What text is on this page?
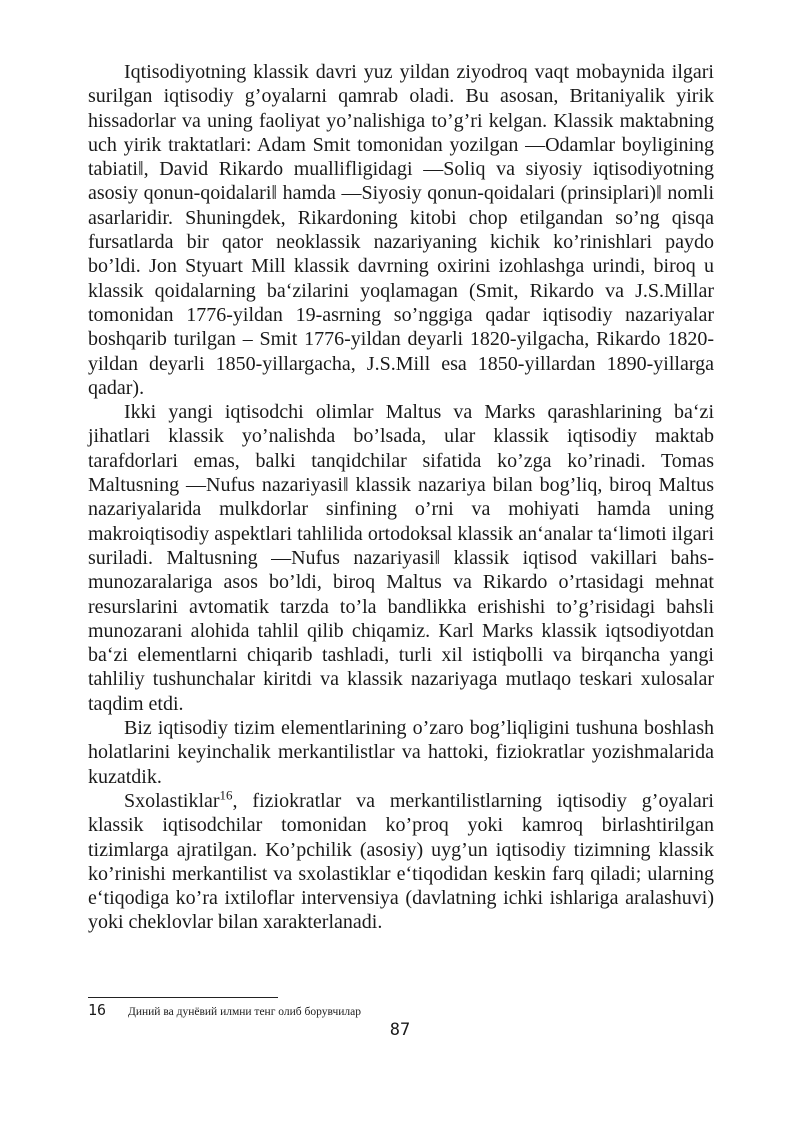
Iqtisodiyotning klassik davri yuz yildan ziyodroq vaqt mobaynida ilgari surilgan iqtisodiy g’oyalarni qamrab oladi. Bu asosan, Britaniyalik yirik hissadorlar va uning faoliyat yo’nalishiga to’g’ri kelgan. Klassik maktabning uch yirik traktatlari: Adam Smit tomonidan yozilgan ―Odamlar boyligining tabiati‖, David Rikardo muallifligidagi ―Soliq va siyosiy iqtisodiyotning asosiy qonun-qoidalari‖ hamda ―Siyosiy qonun-qoidalari (prinsiplari)‖ nomli asarlaridir. Shuningdek, Rikardoning kitobi chop etilgandan so’ng qisqa fursatlarda bir qator neoklassik nazariyaning kichik ko’rinishlari paydo bo’ldi. Jon Styuart Mill klassik davrning oxirini izohlashga urindi, biroq u klassik qoidalarning ba‘zilarini yoqlamagan (Smit, Rikardo va J.S.Millar tomonidan 1776-yildan 19-asrning so’nggiga qadar iqtisodiy nazariyalar boshqarib turilgan – Smit 1776-yildan deyarli 1820-yilgacha, Rikardo 1820-yildan deyarli 1850-yillargacha, J.S.Mill esa 1850-yillardan 1890-yillarga qadar).

Ikki yangi iqtisodchi olimlar Maltus va Marks qarashlarining ba‘zi jihatlari klassik yo’nalishda bo’lsada, ular klassik iqtisodiy maktab tarafdorlari emas, balki tanqidchilar sifatida ko’zga ko’rinadi. Tomas Maltusning ―Nufus nazariyasi‖ klassik nazariya bilan bog’liq, biroq Maltus nazariyalarida mulkdorlar sinfining o’rni va mohiyati hamda uning makroiqtisodiy aspektlari tahlilida ortodoksal klassik an‘analar ta‘limoti ilgari suriladi. Maltusning ―Nufus nazariyasi‖ klassik iqtisod vakillari bahs-munozaralariga asos bo’ldi, biroq Maltus va Rikardo o’rtasidagi mehnat resurslarini avtomatik tarzda to’la bandlikka erishishi to’g’risidagi bahsli munozarani alohida tahlil qilib chiqamiz. Karl Marks klassik iqtsodiyotdan ba‘zi elementlarni chiqarib tashladi, turli xil istiqbolli va birqancha yangi tahliliy tushunchalar kiritdi va klassik nazariyaga mutlaqo teskari xulosalar taqdim etdi.

Biz iqtisodiy tizim elementlarining o’zaro bog’liqligini tushuna boshlash holatlarini keyinchalik merkantilistlar va hattoki, fiziokratlar yozishmalarida kuzatdik.

Sxolastiklar$^{16}$, fiziokratlar va merkantilistlarning iqtisodiy g’oyalari klassik iqtisodchilar tomonidan ko’proq yoki kamroq birlashtirilgan tizimlarga ajratilgan. Ko’pchilik (asosiy) uyg’un iqtisodiy tizimning klassik ko’rinishi merkantilist va sxolastiklar e‘tiqodidan keskin farq qiladi; ularning e‘tiqodiga ko’ra ixtiloflar intervensiya (davlatning ichki ishlariga aralashuvi) yoki cheklovlar bilan xarakterlanadi.

16 Диний ва дунёвий илмни тенг олиб борувчилар
87
